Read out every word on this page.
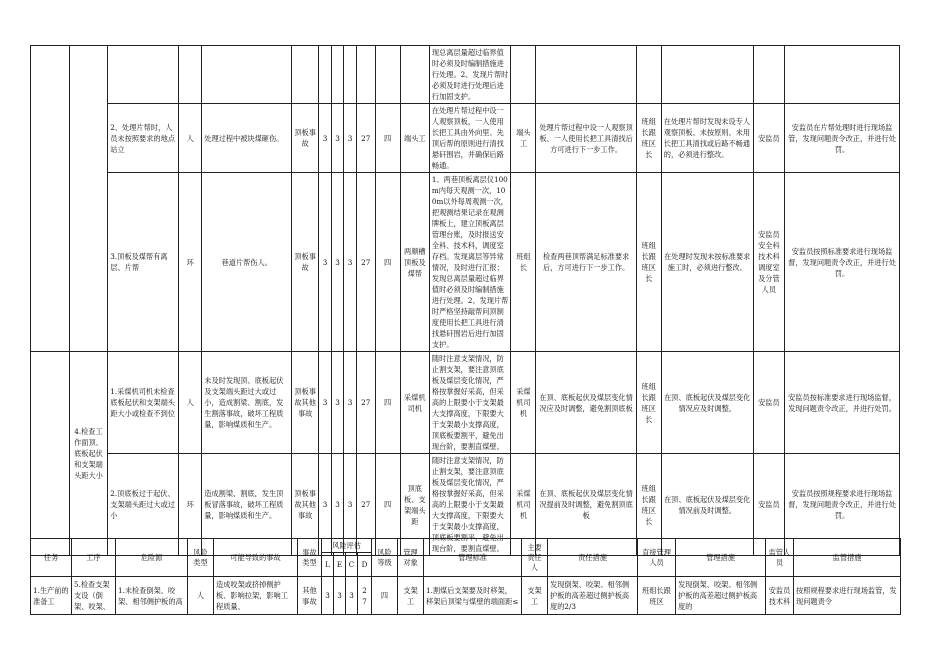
												现总离层量超过临界值时必须及时编制措施进行处理。2、发现片帮时必须及时进行处理后进行加固支护。						
		2、处理片帮时，人员未按照要求的地点站立	人	处理过程中被块煤砸伤。	顶板事故	3	3	3	27	四	端头工	在处理片帮过程中设一人观察顶板，一人使用长把工具由外向里、先顶后帮的原则进行清找悬矸围岩，并确保后路畅通。	端头工	处理片帮过程中设一人观察顶板、一人使用长把工具清找后方可进行下一步工作。	班组长跟班区长	在处理片帮时发现未设专人观察顶板、未按原则、未用长把工具清找或后路不畅通的，必须进行整改。	安监员	安监员在片帮处理时进行现场监管，发现问题责令改正，并进行处罚。
		3.顶板及煤帮有离层、片帮	环	巷道片帮伤人。	顶板事故	3	3	3	27	四	两顺槽顶板及煤帮	1、两巷顶板离层仪100m内每天观测一次，100m以外每周观测一次，把观测结果记录在观测牌板上，建立顶板离层管理台账，及时报送安全科、技术科，调度室存档。发现离层等异常情况，及时进行汇报；发现总离层量超过临界值时必须及时编制措施进行处理。2、发现片帮时严格坚持敲帮问顶制度使用长把工具进行清找悬矸围岩后进行加固支护。	班组长	检查两巷顶帮满足标准要求后，方可进行下一步工作。	班组长跟班区长	在处理时发现未按标准要求施工时，必须进行整改。	安监员安全科技术科调度室及分管人员	安监员按照标准要求进行现场监督，发现问题责令改正，并进行处罚。
	4.检查工作面顶、底板起伏和支架端头距大小	1.采煤机司机未检查底板起伏和支架端头距大小或检查不到位	人	未及时发现顶、底板起伏及支架端头距过大或过小，造成割梁、割底，发生割落事故，破坏工程质量，影响煤质和生产。	顶板事故其他事故	3	3	3	27	四	采煤机司机	随时注意支架情况，防止割支架，要注意顶底板及煤层变化情况，严格按掌握好采高，但采高的上限要小于支架最大支撑高度，下限要大于支架最小支撑高度，顶底板要割平，避免出现台阶，要割直煤壁。	采煤机司机	在顶、底板起伏及煤层变化情况应及时调整，避免割顶底板	班组长跟班区长	在顶、底板起伏及煤层变化情况应及时调整。	安监员	安监员按标准要求进行现场监督，发现问题责令改正，并进行处罚。
		2.顶底板过于起伏、支架端头距过大或过小	环	造成割梁、割底，发生顶板冒落事故，破坏工程质量，影响煤质和生产。	顶板事故其他事故	3	3	3	27	四	顶底板、支架端头距	随时注意支架情况，防止割支架，要注意顶底板及煤层变化情况，严格按掌握好采高，但采高的上限要小于支架最大支撑高度，下限要大于支架最小支撑高度，顶底板要割平，避免出现台阶，要割直煤壁。	采煤机司机	在顶、底板起伏及煤层变化情况提前及时调整，避免割顶底板	班组长跟班区长	在顶、底板起伏及煤层变化情况前及时调整。	安监员	安监员按照规程要求进行现场监督，发现问题责令改正，并进行处罚。
任务	工序	危险源	风险类型	可能导致的事故	事故类型	风险评估				风险等级	管理对象	管理标准	主要责任人	责任措施	直接管理人员	管理措施	监管人员	监管措施
						L	E	C	D									
1.生产前的准备工	5.检查支架支设（倒架、咬架、	1.未检查倒架、咬架、相邻侧护板的高	人	造成咬架或挤掉侧护板、影响拉架，影响工程质量、	其他事故	3	3	3	27	四	支架工	1.割煤后支架要及时移架，移架后顶梁与煤壁的端面距≤	支架工	发现倒架、咬架、相邻侧护板的高差超过侧护板高度的2/3	班组长跟班区	发现倒架、咬架、相邻侧护板的高差超过侧护板高度的	安监员技术科	按照规程要求进行现场监管，发现问题责令
